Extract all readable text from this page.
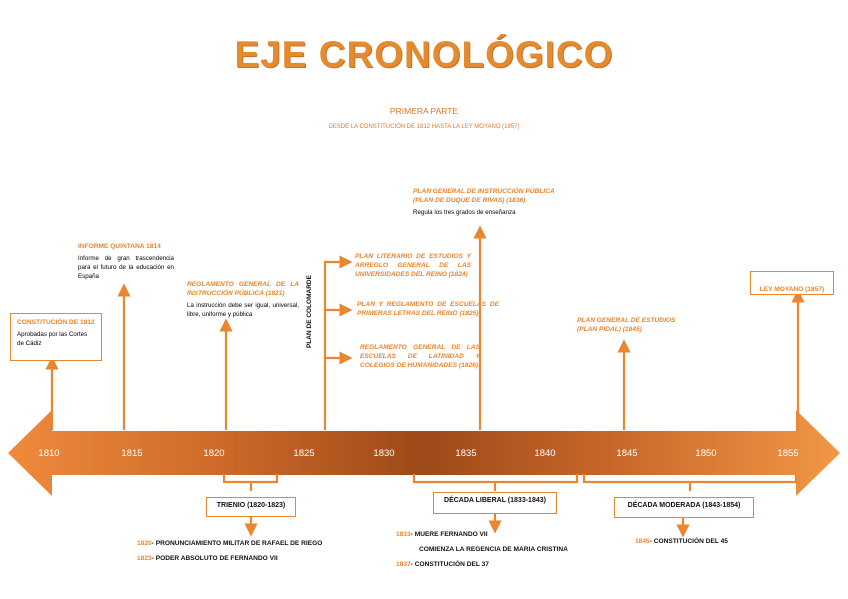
EJE CRONOLÓGICO
PRIMERA PARTE
DESDE LA CONSTITUCIÓN DE 1812 HASTA LA LEY MOYANO (1857)
1810	1815	1820	1825	1830	1835	1840	1845	1850	1855
CONSTITUCIÓN DE 1812
Aprobadas por las Cortes de Cádiz
INFORME QUINTANA 1814
Informe de gran trascendencia para el futuro de la educación en España
REGLAMENTO GENERAL DE LA INSTRUCCIÓN PÚBLICA (1821)
La instrucción debe ser igual, universal, libre, uniforme y pública	PLAN DE COLOMARDE
PLAN LITERARIO DE ESTUDIOS Y ARREGLO GENERAL DE LAS UNIVERSIDADES DEL REINO (1824)
PLAN Y REGLAMENTO DE ESCUELAS DE PRIMERAS LETRAS DEL REINO (1825)
REGLAMENTO GENERAL DE LAS ESCUELAS DE LATINIDAD Y COLEGIOS DE HUMANIDADES (1826)
PLAN GENERAL DE INSTRUCCIÓN PÚBLICA
(PLAN DE DUQUE DE RIVAS) (1836)
Regula los tres grados de enseñanza
PLAN GENERAL DE ESTUDIOS
(PLAN PIDAL) (1845)
LEY MOYANO (1857)
TRIENIO (1820-1823)
DÉCADA LIBERAL (1833-1843)
DÉCADA MODERADA (1843-1854)
1820- PRONUNCIAMIENTO MILITAR DE RAFAEL DE RIEGO
1823- PODER ABSOLUTO DE FERNANDO VII
1833- MUERE FERNANDO VII
COMIENZA LA REGENCIA DE MARIA CRISTINA
1837- CONSTITUCIÓN DEL 37
1845- CONSTITUCIÓN DEL 45
